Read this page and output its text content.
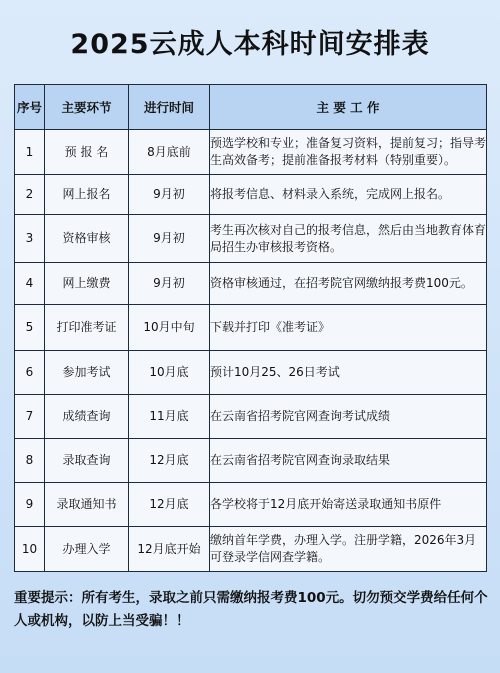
2025云成人本科时间安排表
序号	主要环节	进行时间	主 要 工 作
1	预 报 名	8月底前	预选学校和专业；准备复习资料，提前复习；指导考生高效备考；提前准备报考材料（特别重要）。
2	网上报名	9月初	将报考信息、材料录入系统，完成网上报名。
3	资格审核	9月初	考生再次核对自己的报考信息，然后由当地教育体育局招生办审核报考资格。
4	网上缴费	9月初	资格审核通过，在招考院官网缴纳报考费100元。
5	打印准考证	10月中旬	下载并打印《准考证》
6	参加考试	10月底	预计10月25、26日考试
7	成绩查询	11月底	在云南省招考院官网查询考试成绩
8	录取查询	12月底	在云南省招考院官网查询录取结果
9	录取通知书	12月底	各学校将于12月底开始寄送录取通知书原件
10	办理入学	12月底开始	缴纳首年学费，办理入学。注册学籍，2026年3月可登录学信网查学籍。
重要提示：所有考生，录取之前只需缴纳报考费100元。切勿预交学费给任何个人或机构，以防上当受骗！！
